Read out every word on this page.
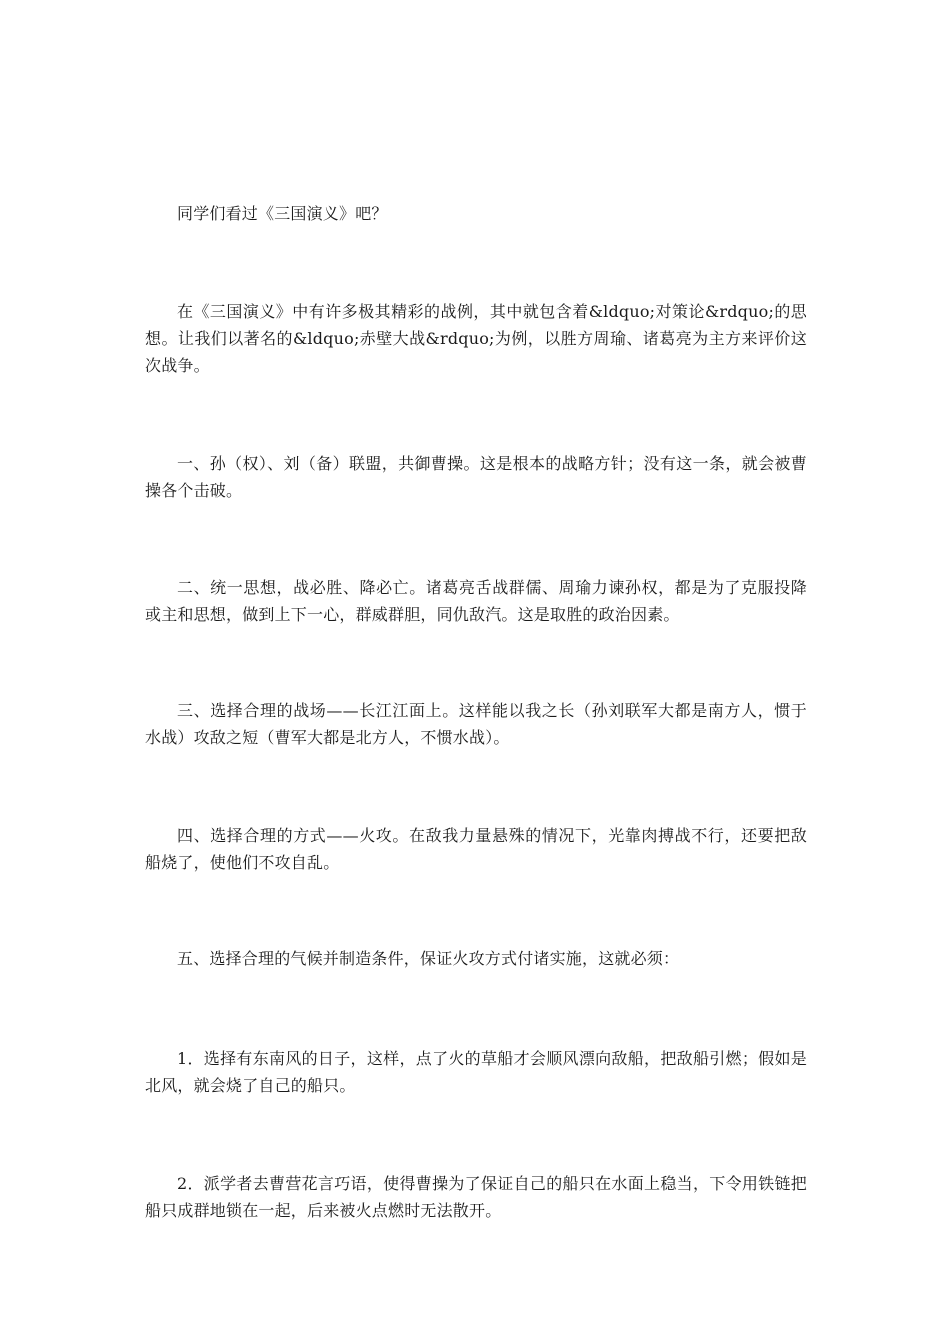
同学们看过《三国演义》吧？

在《三国演义》中有许多极其精彩的战例，其中就包含着&ldquo;对策论&rdquo;的思想。让我们以著名的&ldquo;赤壁大战&rdquo;为例，以胜方周瑜、诸葛亮为主方来评价这次战争。

一、孙（权）、刘（备）联盟，共御曹操。这是根本的战略方针；没有这一条，就会被曹操各个击破。

二、统一思想，战必胜、降必亡。诸葛亮舌战群儒、周瑜力谏孙权，都是为了克服投降或主和思想，做到上下一心，群威群胆，同仇敌汽。这是取胜的政治因素。

三、选择合理的战场——长江江面上。这样能以我之长（孙刘联军大都是南方人，惯于水战）攻敌之短（曹军大都是北方人，不惯水战）。

四、选择合理的方式——火攻。在敌我力量悬殊的情况下，光靠肉搏战不行，还要把敌船烧了，使他们不攻自乱。

五、选择合理的气候并制造条件，保证火攻方式付诸实施，这就必须：

1．选择有东南风的日子，这样，点了火的草船才会顺风漂向敌船，把敌船引燃；假如是北风，就会烧了自己的船只。

2．派学者去曹营花言巧语，使得曹操为了保证自己的船只在水面上稳当，下令用铁链把船只成群地锁在一起，后来被火点燃时无法散开。
